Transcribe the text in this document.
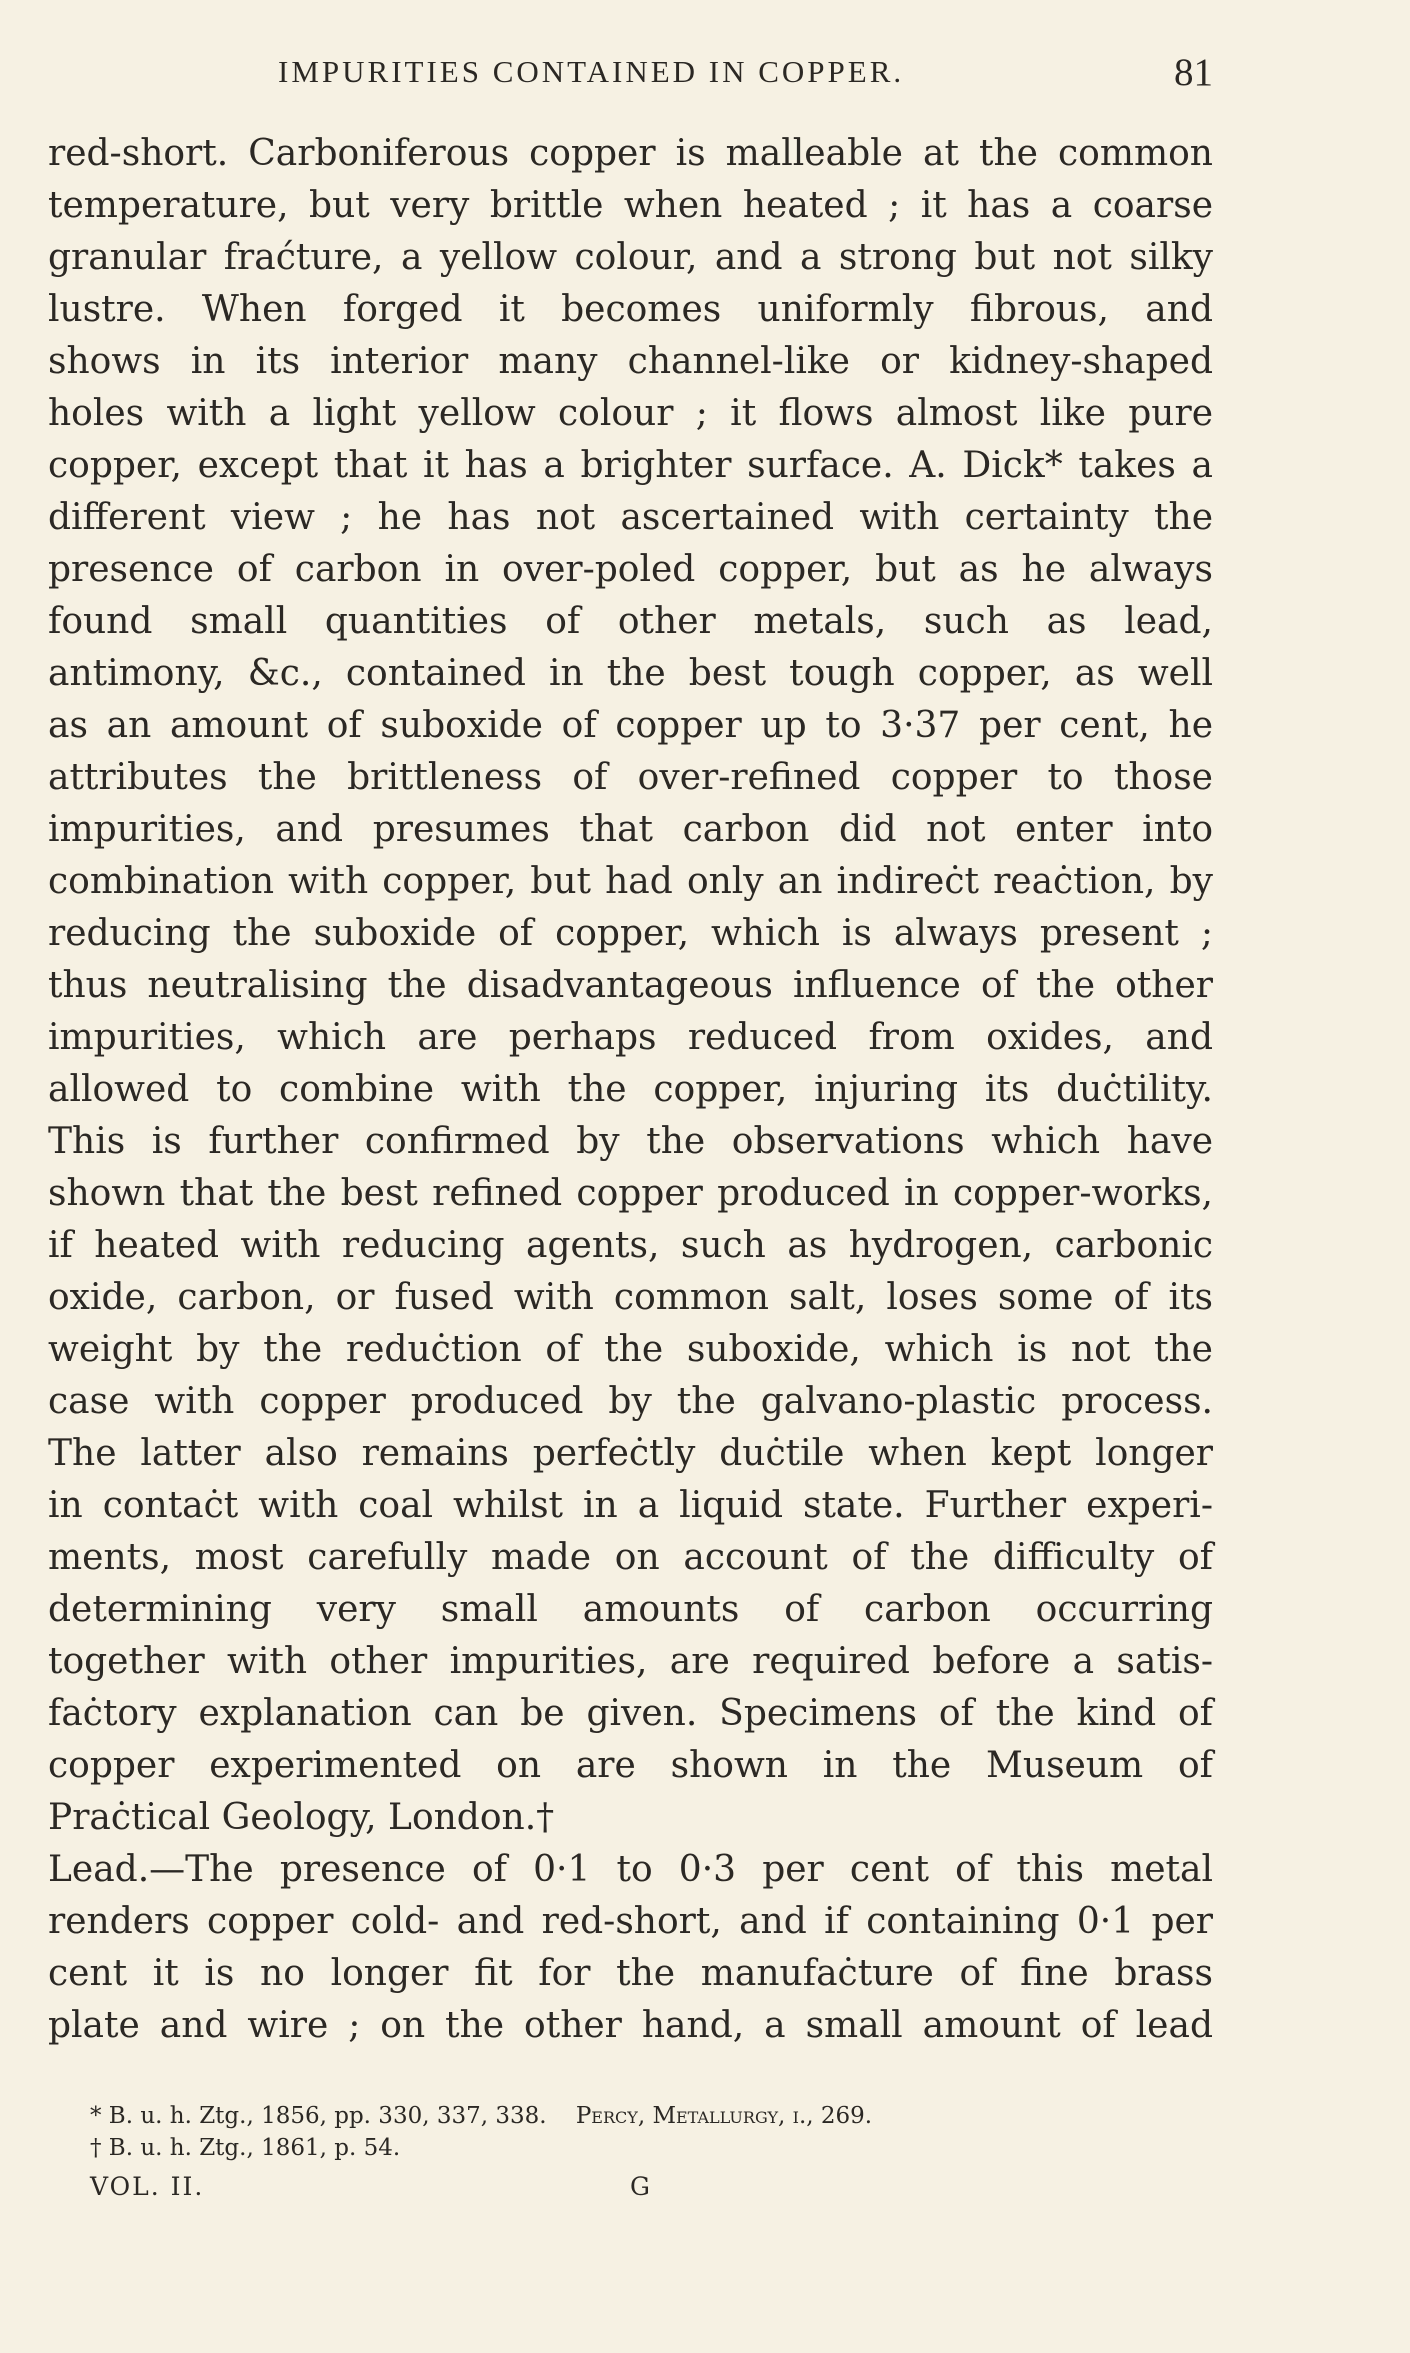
IMPURITIES CONTAINED IN COPPER.	81
red-short. Carboniferous copper is malleable at the common
temperature, but very brittle when heated ; it has a coarse
granular fraćture, a yellow colour, and a strong but not silky
lustre. When forged it becomes uniformly fibrous, and
shows in its interior many channel-like or kidney-shaped
holes with a light yellow colour ; it flows almost like pure
copper, except that it has a brighter surface. A. Dick* takes a
different view ; he has not ascertained with certainty the
presence of carbon in over-poled copper, but as he always
found small quantities of other metals, such as lead,
antimony, &c., contained in the best tough copper, as well
as an amount of suboxide of copper up to 3·37 per cent, he
attributes the brittleness of over-refined copper to those
impurities, and presumes that carbon did not enter into
combination with copper, but had only an indireċt reaċtion, by
reducing the suboxide of copper, which is always present ;
thus neutralising the disadvantageous influence of the other
impurities, which are perhaps reduced from oxides, and
allowed to combine with the copper, injuring its duċtility.
This is further confirmed by the observations which have
shown that the best refined copper produced in copper-works,
if heated with reducing agents, such as hydrogen, carbonic
oxide, carbon, or fused with common salt, loses some of its
weight by the reduċtion of the suboxide, which is not the
case with copper produced by the galvano-plastic process.
The latter also remains perfeċtly duċtile when kept longer
in contaċt with coal whilst in a liquid state. Further experi-
ments, most carefully made on account of the difficulty of
determining very small amounts of carbon occurring
together with other impurities, are required before a satis-
faċtory explanation can be given. Specimens of the kind of
copper experimented on are shown in the Museum of
Praċtical Geology, London.†
Lead.—The presence of 0·1 to 0·3 per cent of this metal
renders copper cold- and red-short, and if containing 0·1 per
cent it is no longer fit for the manufaċture of fine brass
plate and wire ; on the other hand, a small amount of lead
* B. u. h. Ztg., 1856, pp. 330, 337, 338. Percy, Metallurgy, i., 269.
† B. u. h. Ztg., 1861, p. 54.
VOL. II.	G
